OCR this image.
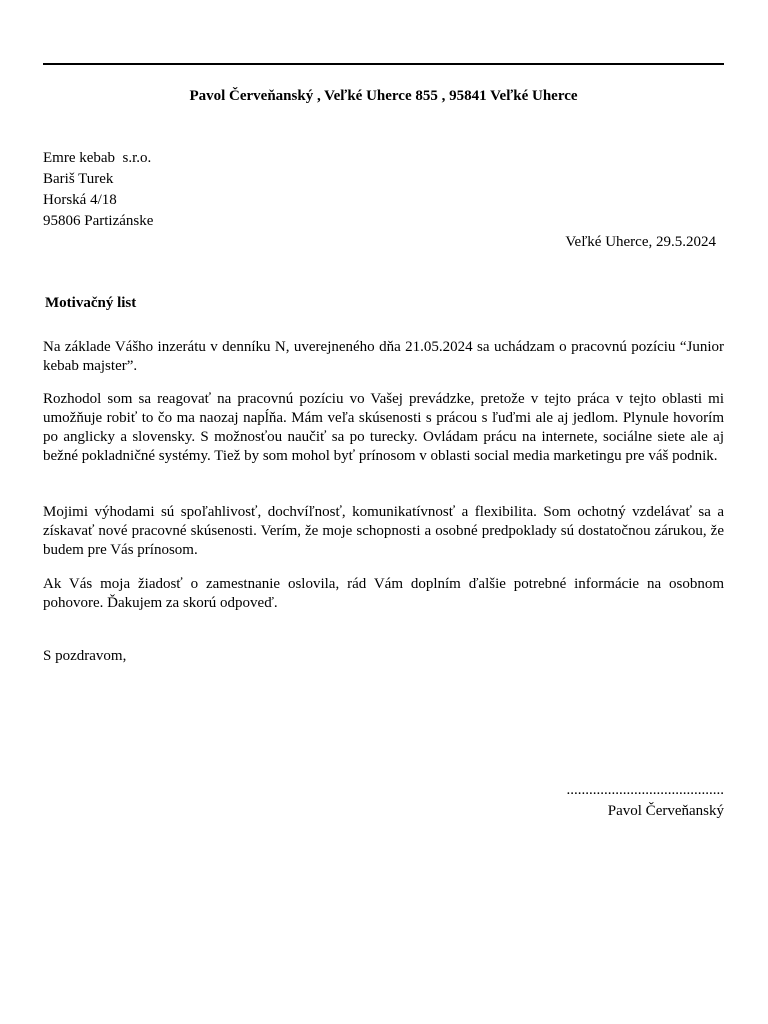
Pavol Červeňanský , Veľké Uherce 855 , 95841 Veľké Uherce
Emre kebab  s.r.o.
Bariš Turek
Horská 4/18
95806 Partizánske
Veľké Uherce, 29.5.2024
Motivačný list

Na základe Vášho inzerátu v denníku N, uverejneného dňa 21.05.2024 sa uchádzam o pracovnú pozíciu “Junior kebab majster”.

Rozhodol som sa reagovať na pracovnú pozíciu vo Vašej prevádzke, pretože v tejto práca v tejto oblasti mi umožňuje robiť to čo ma naozaj napĺňa. Mám veľa skúsenosti s prácou s ľuďmi ale aj jedlom. Plynule hovorím po anglicky a slovensky. S možnosťou naučiť sa po turecky. Ovládam prácu na internete, sociálne siete ale aj bežné pokladničné systémy. Tiež by som mohol byť prínosom v oblasti social media marketingu pre váš podnik.

Mojimi výhodami sú spoľahlivosť, dochvíľnosť, komunikatívnosť a flexibilita. Som ochotný vzdelávať sa a získavať nové pracovné skúsenosti. Verím, že moje schopnosti a osobné predpoklady sú dostatočnou zárukou, že budem pre Vás prínosom.

Ak Vás moja žiadosť o zamestnanie oslovila, rád Vám doplním ďalšie potrebné informácie na osobnom pohovore. Ďakujem za skorú odpoveď.

S pozdravom,
..........................................
Pavol Červeňanský
